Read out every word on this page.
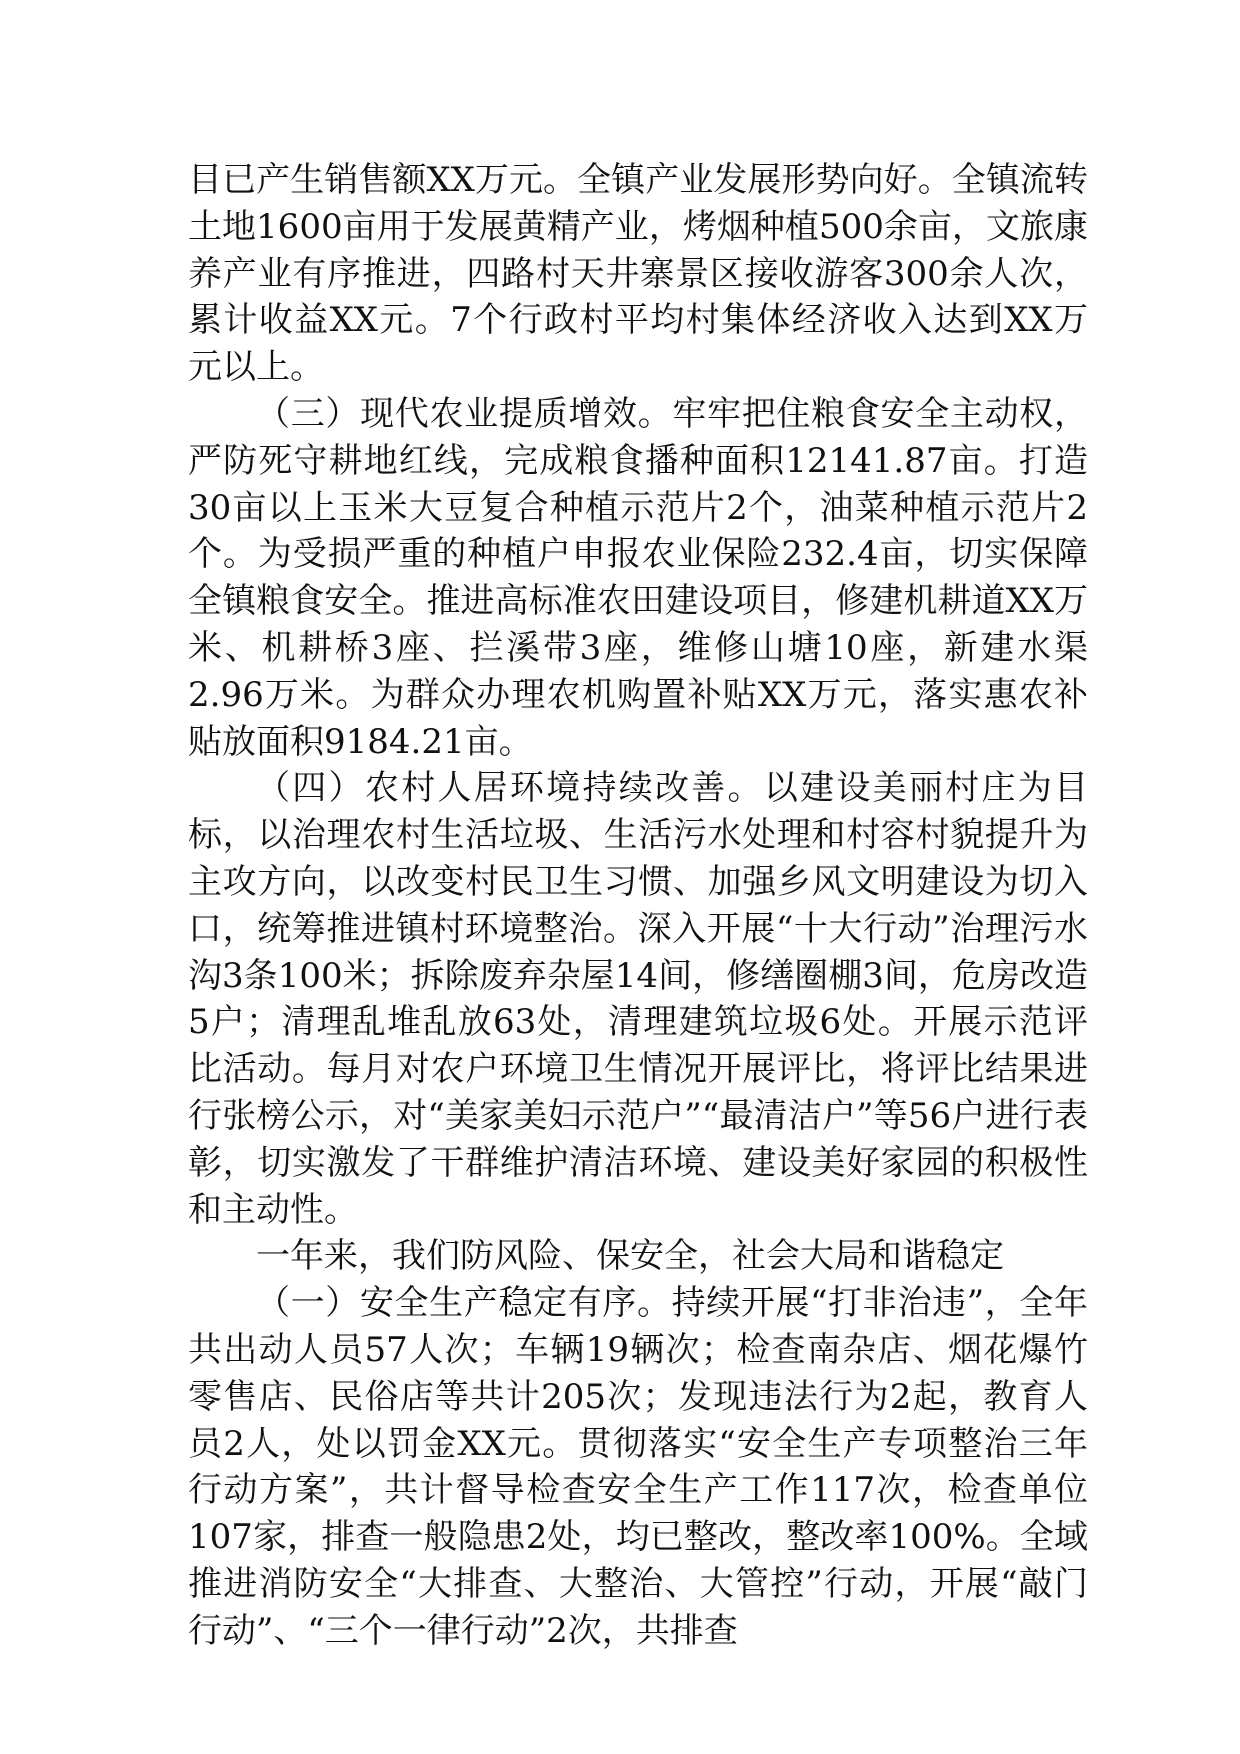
目已产生销售额XX万元。全镇产业发展形势向好。全镇流转土地1600亩用于发展黄精产业，烤烟种植500余亩，文旅康养产业有序推进，四路村天井寨景区接收游客300余人次，累计收益XX元。7个行政村平均村集体经济收入达到XX万元以上。

（三）现代农业提质增效。牢牢把住粮食安全主动权，严防死守耕地红线，完成粮食播种面积12141.87亩。打造30亩以上玉米大豆复合种植示范片2个，油菜种植示范片2个。为受损严重的种植户申报农业保险232.4亩，切实保障全镇粮食安全。推进高标准农田建设项目，修建机耕道XX万米、机耕桥3座、拦溪带3座，维修山塘10座，新建水渠2.96万米。为群众办理农机购置补贴XX万元，落实惠农补贴放面积9184.21亩。

（四）农村人居环境持续改善。以建设美丽村庄为目标，以治理农村生活垃圾、生活污水处理和村容村貌提升为主攻方向，以改变村民卫生习惯、加强乡风文明建设为切入口，统筹推进镇村环境整治。深入开展“十大行动”治理污水沟3条100米；拆除废弃杂屋14间，修缮圈棚3间，危房改造5户；清理乱堆乱放63处，清理建筑垃圾6处。开展示范评比活动。每月对农户环境卫生情况开展评比，将评比结果进行张榜公示，对“美家美妇示范户”“最清洁户”等56户进行表彰，切实激发了干群维护清洁环境、建设美好家园的积极性和主动性。

一年来，我们防风险、保安全，社会大局和谐稳定

（一）安全生产稳定有序。持续开展“打非治违”，全年共出动人员57人次；车辆19辆次；检查南杂店、烟花爆竹零售店、民俗店等共计205次；发现违法行为2起，教育人员2人，处以罚金XX元。贯彻落实“安全生产专项整治三年行动方案”，共计督导检查安全生产工作117次，检查单位107家，排查一般隐患2处，均已整改，整改率100%。全域推进消防安全“大排查、大整治、大管控”行动，开展“敲门行动”、“三个一律行动”2次，共排查
